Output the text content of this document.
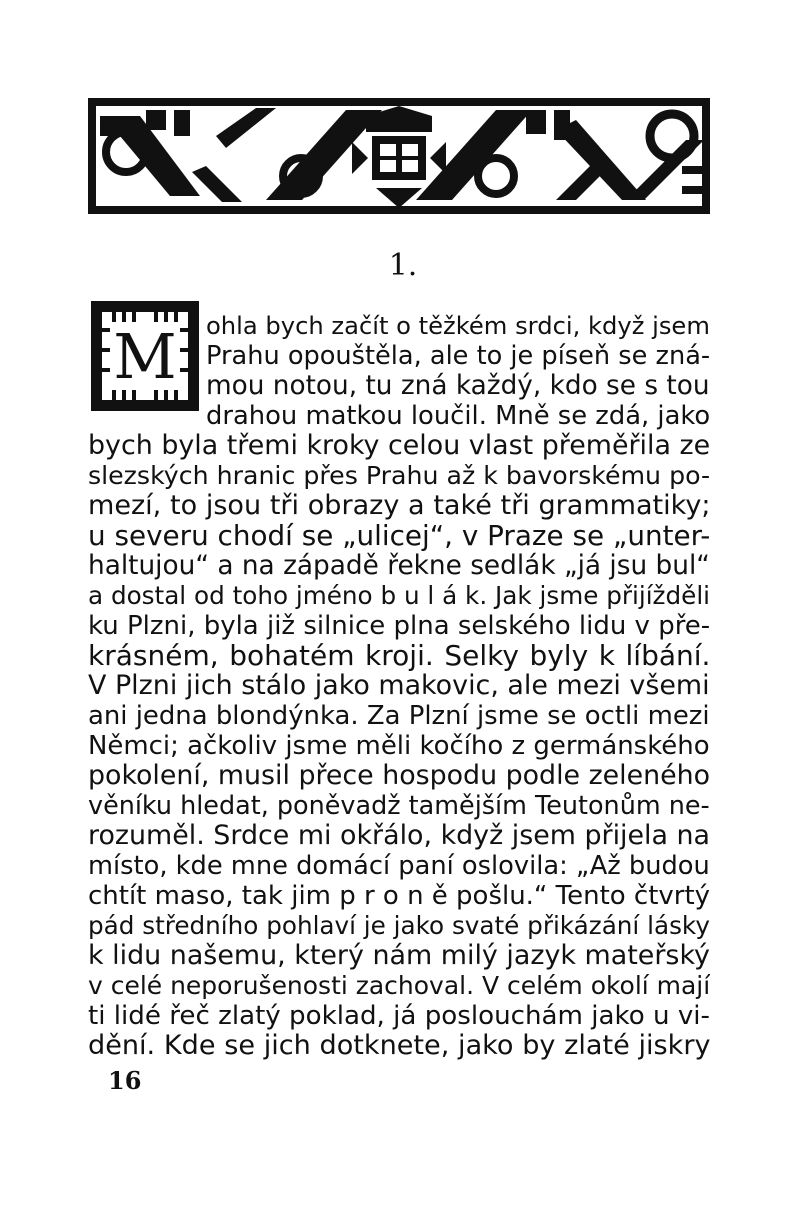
1.
M	ohla bych začít o těžkém srdci, když jsem
Prahu opouštěla, ale to je píseň se zná-
mou notou, tu zná každý, kdo se s tou
drahou matkou loučil. Mně se zdá, jako
bych byla třemi kroky celou vlast přeměřila ze
slezských hranic přes Prahu až k bavorskému po-
mezí, to jsou tři obrazy a také tři grammatiky;
u severu chodí se „ulicej“, v Praze se „unter-
haltujou“ a na západě řekne sedlák „já jsu bul“
a dostal od toho jméno b u l á k. Jak jsme přijížděli
ku Plzni, byla již silnice plna selského lidu v pře-
krásném, bohatém kroji. Selky byly k líbání.
V Plzni jich stálo jako makovic, ale mezi všemi
ani jedna blondýnka. Za Plzní jsme se octli mezi
Němci; ačkoliv jsme měli kočího z germánského
pokolení, musil přece hospodu podle zeleného
věníku hledat, poněvadž tamějším Teutonům ne-
rozuměl. Srdce mi okřálo, když jsem přijela na
místo, kde mne domácí paní oslovila: „Až budou
chtít maso, tak jim p r o n ě pošlu.“ Tento čtvrtý
pád středního pohlaví je jako svaté přikázání lásky
k lidu našemu, který nám milý jazyk mateřský
v celé neporušenosti zachoval. V celém okolí mají
ti lidé řeč zlatý poklad, já poslouchám jako u vi-
dění. Kde se jich dotknete, jako by zlaté jiskry
16
